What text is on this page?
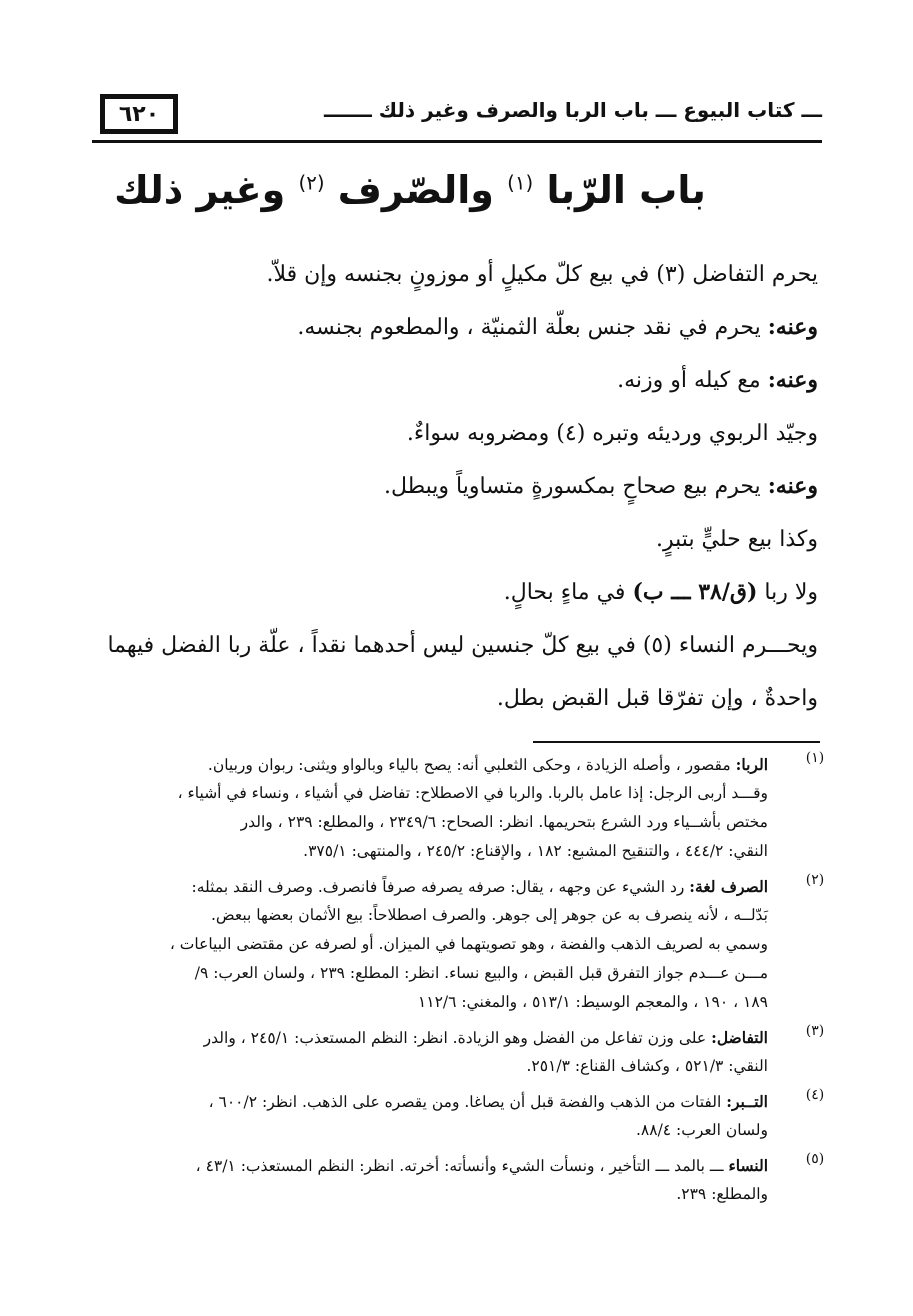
٦٢٠	ـــ كتاب البيوع ـــ باب الربا والصرف وغير ذلك ـــــــ
باب الرّبا $^{(١)}$ والصّرف $^{(٢)}$ وغير ذلك
يحرم التفاضل (٣) في بيع كلّ مكيلٍ أو موزونٍ بجنسه وإن قلاّ.
وعنه: يحرم في نقد جنس بعلّة الثمنيّة ، والمطعوم بجنسه.
وعنه: مع كيله أو وزنه.
وجيّد الربوي ورديئه وتبره (٤) ومضروبه سواءٌ.
وعنه: يحرم بيع صحاحٍ بمكسورةٍ متساوياً ويبطل.
وكذا بيع حليٍّ بتبرٍ.
ولا ربا (ق/٣٨ ـــ ب) في ماءٍ بحالٍ.
ويحـــرم النساء (٥) في بيع كلّ جنسين ليس أحدهما نقداً ، علّة ربا الفضل فيهما
واحدةٌ ، وإن تفرّقا قبل القبض بطل.
(١)
الربا: مقصور ، وأصله الزيادة ، وحكى الثعلبي أنه: يصح بالياء وبالواو ويثنى: ربوان وربيان.
وقـــد أربى الرجل: إذا عامل بالربا. والربا في الاصطلاح: تفاضل في أشياء ، ونساء في أشياء ،
مختص بأشــياء ورد الشرع بتحريمها. انظر: الصحاح: ٢٣٤٩/٦ ، والمطلع: ٢٣٩ ، والدر
النقي: ٤٤٤/٢ ، والتنقيح المشبع: ١٨٢ ، والإقناع: ٢٤٥/٢ ، والمنتهى: ٣٧٥/١.
(٢)
الصرف لغة: رد الشيء عن وجهه ، يقال: صرفه يصرفه صرفاً فانصرف. وصرف النقد بمثله:
بَدّلــه ، لأنه ينصرف به عن جوهر إلى جوهر. والصرف اصطلاحاً: بيع الأثمان بعضها ببعض.
وسمي به لصريف الذهب والفضة ، وهو تصويتهما في الميزان. أو لصرفه عن مقتضى البياعات ،
مـــن عـــدم جواز التفرق قبل القبض ، والبيع نساء. انظر: المطلع: ٢٣٩ ، ولسان العرب: ٩/
١٨٩ ، ١٩٠ ، والمعجم الوسيط: ٥١٣/١ ، والمغني: ١١٢/٦
(٣)
التفاضل: على وزن تفاعل من الفضل وهو الزيادة. انظر: النظم المستعذب: ٢٤٥/١ ، والدر
النقي: ٥٢١/٣ ، وكشاف القناع: ٢٥١/٣.
(٤)
التــبر: الفتات من الذهب والفضة قبل أن يصاغا. ومن يقصره على الذهب. انظر: ٦٠٠/٢ ،
ولسان العرب: ٨٨/٤.
(٥)
النساء ـــ بالمد ـــ التأخير ، ونسأت الشيء وأنسأته: أخرته. انظر: النظم المستعذب: ٤٣/١ ،
والمطلع: ٢٣٩.
